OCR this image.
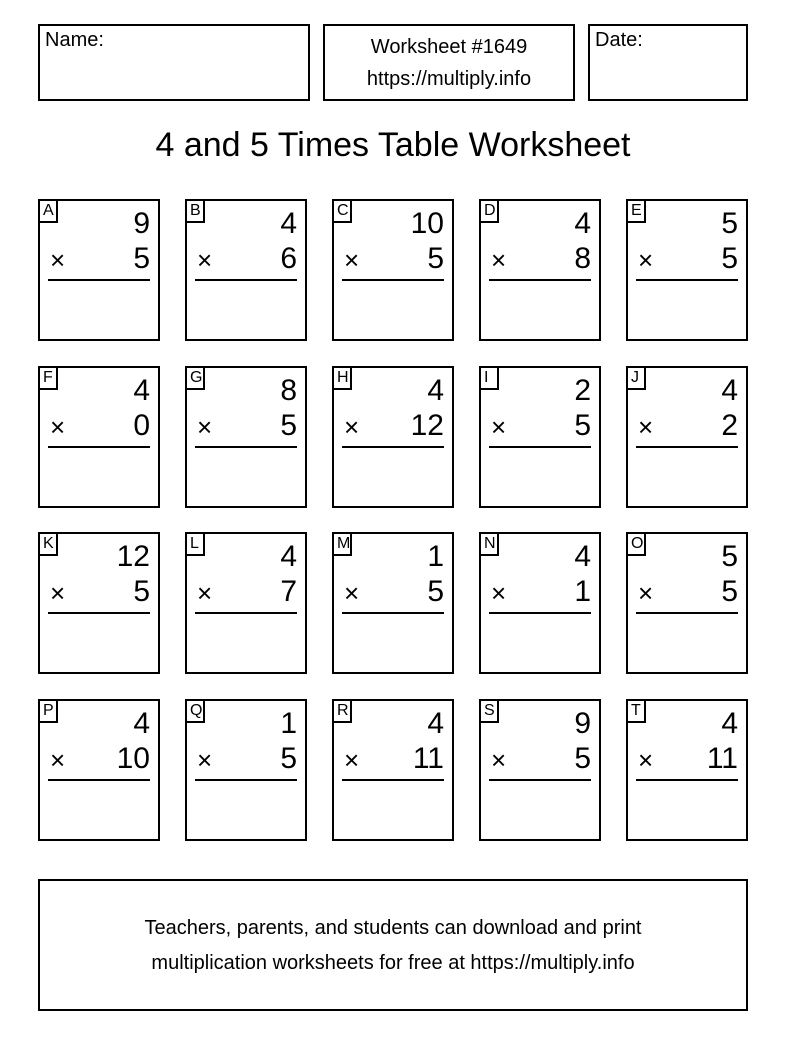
Name:	Worksheet #1649
https://multiply.info
Date:
4 and 5 Times Table Worksheet
A	9
× 5
B	4
× 6
C 10
× 5
D	4
× 8
E	5
× 5
F	4
× 0
G	8
× 5
H	4
× 12
I	2
× 5
J	4
× 2
K 12
× 5
L	4
× 7
M	1
× 5
N	4
× 1
O	5
× 5
P	4
× 10
Q	1
× 5
R	4
× 11
S	9
× 5
T	4
× 11
Teachers, parents, and students can download and print
multiplication worksheets for free at https://multiply.info
